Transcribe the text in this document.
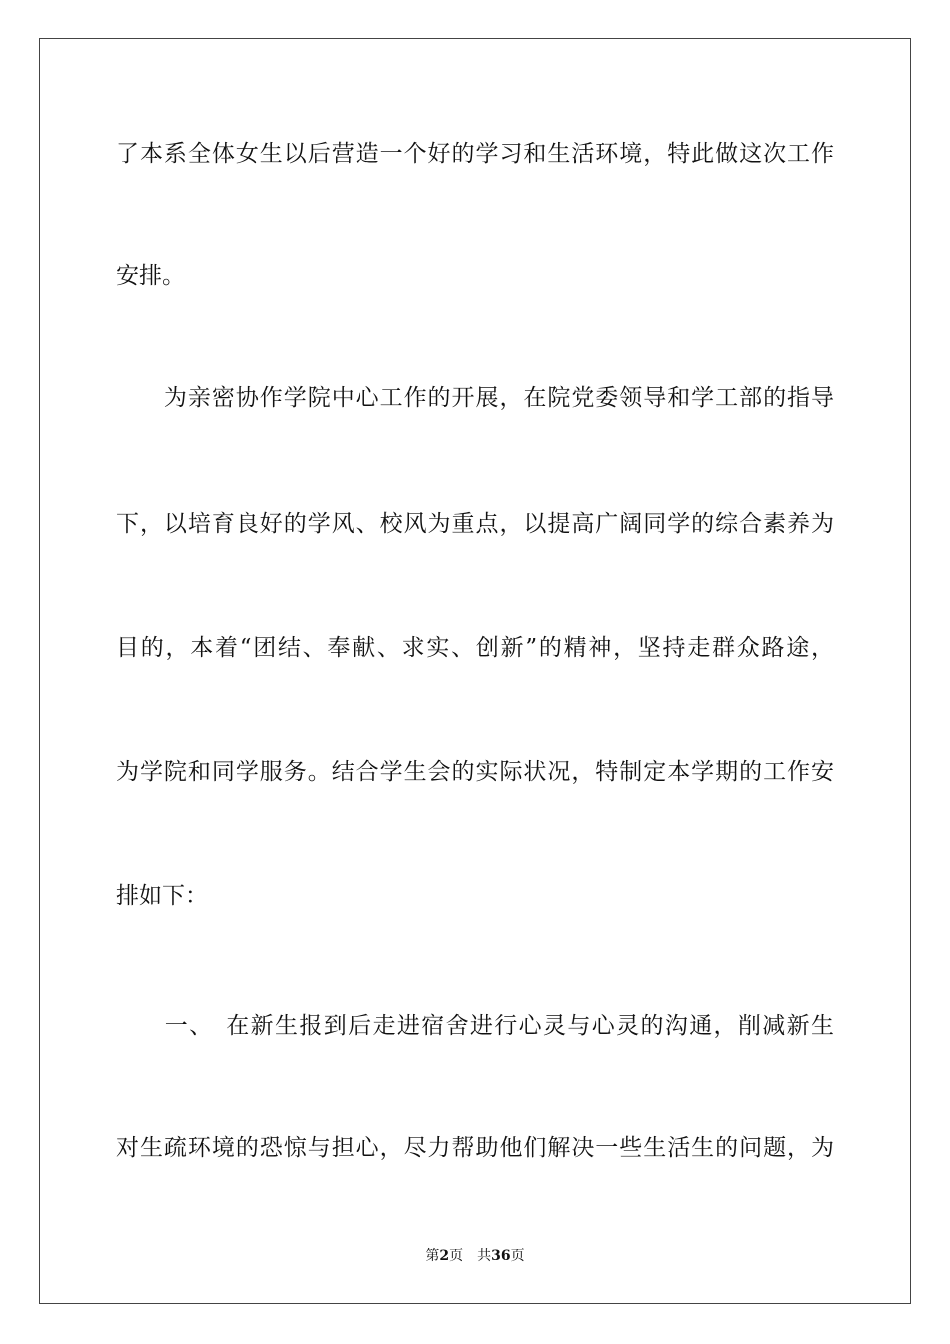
了本系全体女生以后营造一个好的学习和生活环境，特此做这次工作
安排。
　　为亲密协作学院中心工作的开展，在院党委领导和学工部的指导
下，以培育良好的学风、校风为重点，以提高广阔同学的综合素养为
目的，本着“团结、奉献、求实、创新”的精神，坚持走群众路途，
为学院和同学服务。结合学生会的实际状况，特制定本学期的工作安
排如下：
　　一、　在新生报到后走进宿舍进行心灵与心灵的沟通，削减新生
对生疏环境的恐惊与担心，尽力帮助他们解决一些生活生的问题，为
第2页　共36页
